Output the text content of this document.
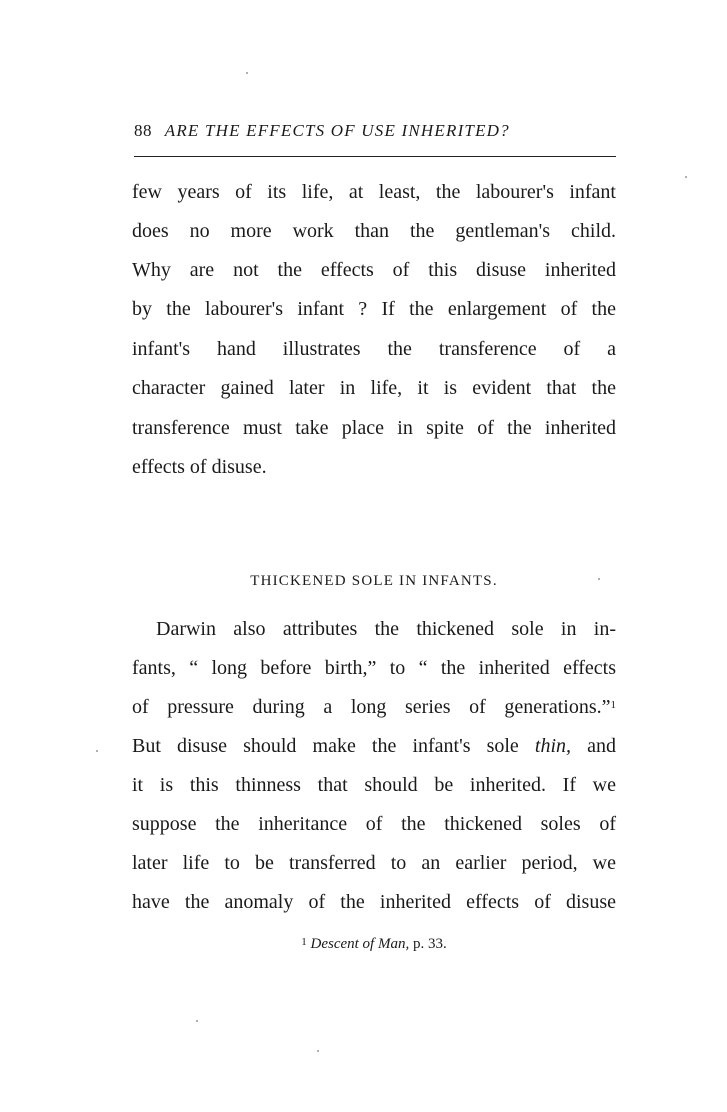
88 ARE THE EFFECTS OF USE INHERITED?
few years of its life, at least, the labourer's infant
does no more work than the gentleman's child.
Why are not the effects of this disuse inherited
by the labourer's infant ? If the enlargement of the
infant's hand illustrates the transference of a
character gained later in life, it is evident that the
transference must take place in spite of the inherited
effects of disuse.
THICKENED SOLE IN INFANTS.
Darwin also attributes the thickened sole in in-
fants, “ long before birth,” to “ the inherited effects
of pressure during a long series of generations.”$^1$
But disuse should make the infant's sole thin, and
it is this thinness that should be inherited. If we
suppose the inheritance of the thickened soles of
later life to be transferred to an earlier period, we
have the anomaly of the inherited effects of disuse
$^1$ Descent of Man, p. 33.
